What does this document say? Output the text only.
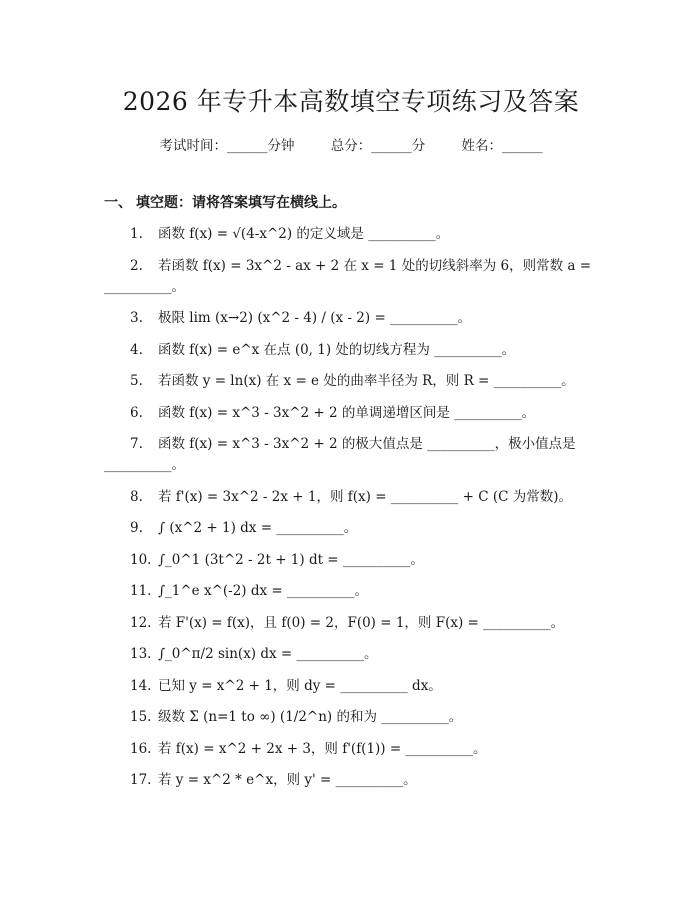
2026 年专升本高数填空专项练习及答案
考试时间：______分钟	总分：______分	姓名：______
一、 填空题：请将答案填写在横线上。

1. 函数 f(x) = √(4-x^2) 的定义域是 __________。

2. 若函数 f(x) = 3x^2 - ax + 2 在 x = 1 处的切线斜率为 6，则常数 a = __________。

3. 极限 lim (x→2) (x^2 - 4) / (x - 2) = __________。

4. 函数 f(x) = e^x 在点 (0, 1) 处的切线方程为 __________。

5. 若函数 y = ln(x) 在 x = e 处的曲率半径为 R，则 R = __________。

6. 函数 f(x) = x^3 - 3x^2 + 2 的单调递增区间是 __________。

7. 函数 f(x) = x^3 - 3x^2 + 2 的极大值点是 __________，极小值点是 __________。

8. 若 f'(x) = 3x^2 - 2x + 1，则 f(x) = __________ + C (C 为常数)。

9. ∫ (x^2 + 1) dx = __________。

10. ∫_0^1 (3t^2 - 2t + 1) dt = __________。

11. ∫_1^e x^(-2) dx = __________。

12. 若 F'(x) = f(x)，且 f(0) = 2，F(0) = 1，则 F(x) = __________。

13. ∫_0^π/2 sin(x) dx = __________。

14. 已知 y = x^2 + 1，则 dy = __________ dx。

15. 级数 Σ (n=1 to ∞) (1/2^n) 的和为 __________。

16. 若 f(x) = x^2 + 2x + 3，则 f'(f(1)) = __________。

17. 若 y = x^2 * e^x，则 y' = __________。
